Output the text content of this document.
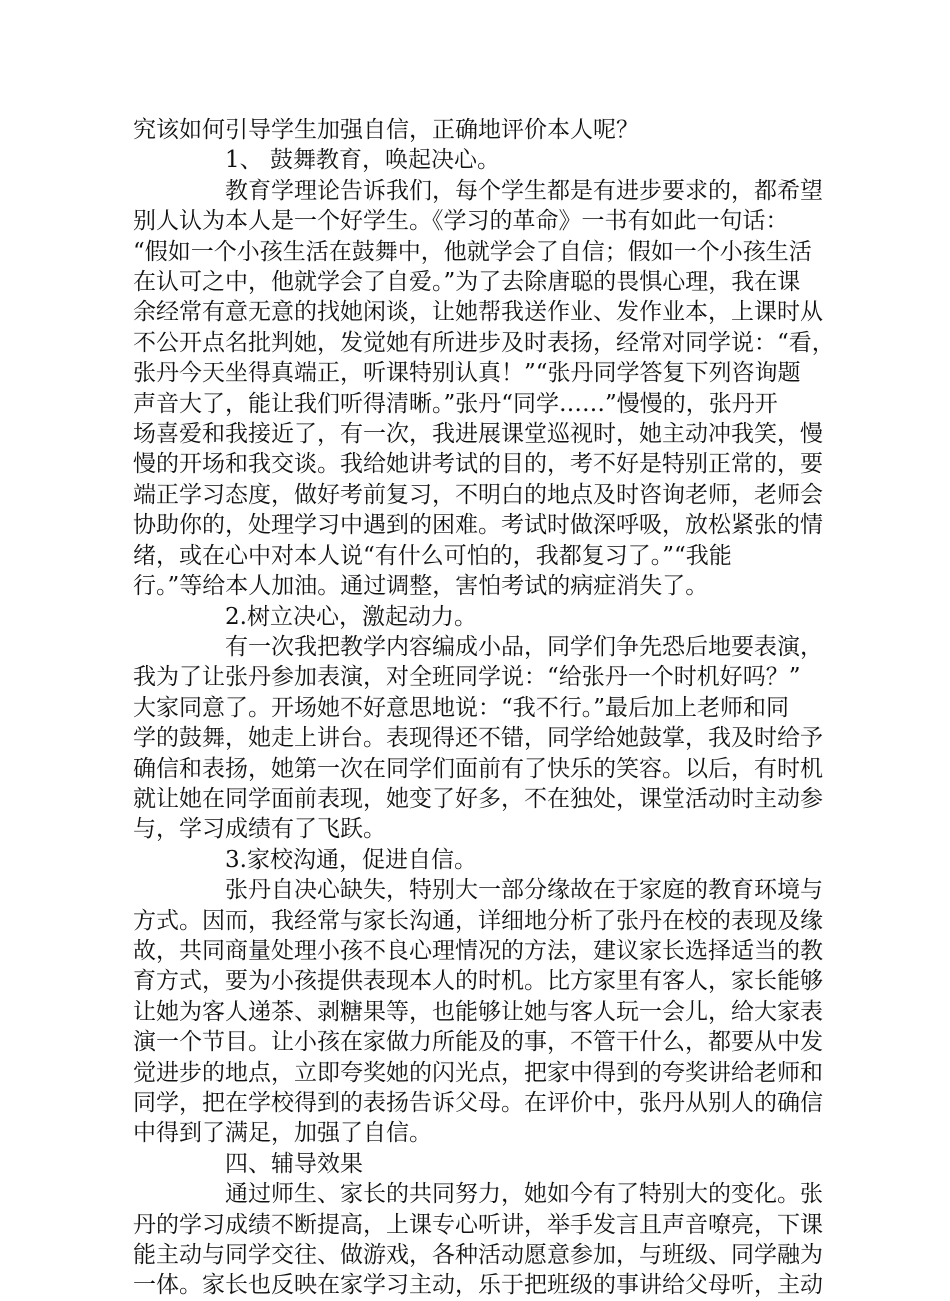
究该如何引导学生加强自信，正确地评价本人呢？

1、 鼓舞教育，唤起决心。

　　　　教育学理论告诉我们，每个学生都是有进步要求的，都希望
别人认为本人是一个好学生。《学习的革命》一书有如此一句话：
“假如一个小孩生活在鼓舞中，他就学会了自信；假如一个小孩生活
在认可之中，他就学会了自爱。”为了去除唐聪的畏惧心理，我在课
余经常有意无意的找她闲谈，让她帮我送作业、发作业本，上课时从
不公开点名批判她，发觉她有所进步及时表扬，经常对同学说：“看，
张丹今天坐得真端正，听课特别认真！”“张丹同学答复下列咨询题
声音大了，能让我们听得清晰。”张丹“同学……”慢慢的，张丹开
场喜爱和我接近了，有一次，我进展课堂巡视时，她主动冲我笑，慢
慢的开场和我交谈。我给她讲考试的目的，考不好是特别正常的，要
端正学习态度，做好考前复习，不明白的地点及时咨询老师，老师会
协助你的，处理学习中遇到的困难。考试时做深呼吸，放松紧张的情
绪，或在心中对本人说“有什么可怕的，我都复习了。”“我能
行。”等给本人加油。通过调整，害怕考试的病症消失了。

2.树立决心，激起动力。

　　　　有一次我把教学内容编成小品，同学们争先恐后地要表演，
我为了让张丹参加表演，对全班同学说：“给张丹一个时机好吗？”
大家同意了。开场她不好意思地说：“我不行。”最后加上老师和同
学的鼓舞，她走上讲台。表现得还不错，同学给她鼓掌，我及时给予
确信和表扬，她第一次在同学们面前有了快乐的笑容。以后，有时机
就让她在同学面前表现，她变了好多，不在独处，课堂活动时主动参
与，学习成绩有了飞跃。

3.家校沟通，促进自信。

　　　　张丹自决心缺失，特别大一部分缘故在于家庭的教育环境与
方式。因而，我经常与家长沟通，详细地分析了张丹在校的表现及缘
故，共同商量处理小孩不良心理情况的方法，建议家长选择适当的教
育方式，要为小孩提供表现本人的时机。比方家里有客人，家长能够
让她为客人递茶、剥糖果等，也能够让她与客人玩一会儿，给大家表
演一个节目。让小孩在家做力所能及的事，不管干什么，都要从中发
觉进步的地点，立即夸奖她的闪光点，把家中得到的夸奖讲给老师和
同学，把在学校得到的表扬告诉父母。在评价中，张丹从别人的确信
中得到了满足，加强了自信。

四、辅导效果

　　　　通过师生、家长的共同努力，她如今有了特别大的变化。张
丹的学习成绩不断提高，上课专心听讲，举手发言且声音嘹亮，下课
能主动与同学交往、做游戏，各种活动愿意参加，与班级、同学融为
一体。家长也反映在家学习主动，乐于把班级的事讲给父母听，主动
